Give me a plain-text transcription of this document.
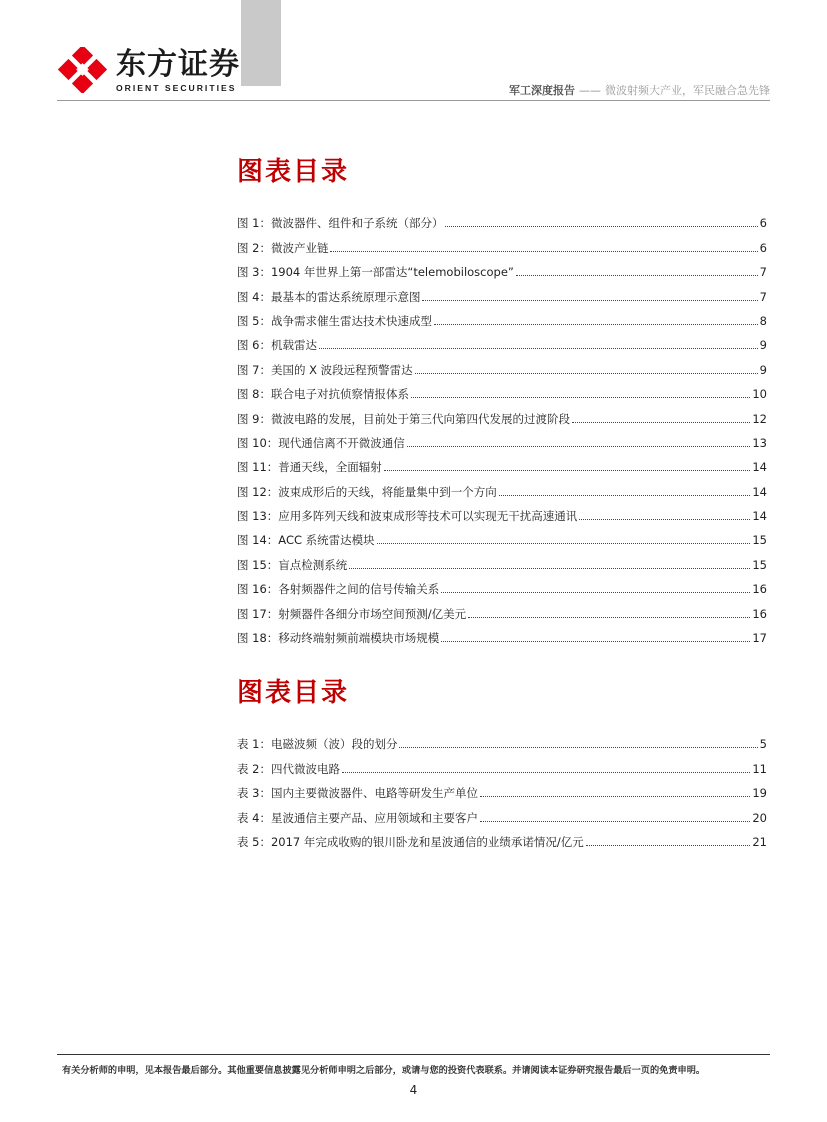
东方证券
ORIENT SECURITIES	军工深度报告 —— 微波射频大产业，军民融合急先锋
图表目录
图 1：微波器件、组件和子系统（部分）	6
图 2：微波产业链	6
图 3：1904 年世界上第一部雷达“telemobiloscope”	7
图 4：最基本的雷达系统原理示意图	7
图 5：战争需求催生雷达技术快速成型	8
图 6：机载雷达	9
图 7：美国的 X 波段远程预警雷达	9
图 8：联合电子对抗侦察情报体系	10
图 9：微波电路的发展，目前处于第三代向第四代发展的过渡阶段	12
图 10：现代通信离不开微波通信	13
图 11：普通天线，全面辐射	14
图 12：波束成形后的天线，将能量集中到一个方向	14
图 13：应用多阵列天线和波束成形等技术可以实现无干扰高速通讯	14
图 14：ACC 系统雷达模块	15
图 15：盲点检测系统	15
图 16：各射频器件之间的信号传输关系	16
图 17：射频器件各细分市场空间预测/亿美元	16
图 18：移动终端射频前端模块市场规模	17
图表目录
表 1：电磁波频（波）段的划分	5
表 2：四代微波电路	11
表 3：国内主要微波器件、电路等研发生产单位	19
表 4：星波通信主要产品、应用领域和主要客户	20
表 5：2017 年完成收购的银川卧龙和星波通信的业绩承诺情况/亿元	21
有关分析师的申明，见本报告最后部分。其他重要信息披露见分析师申明之后部分，或请与您的投资代表联系。并请阅读本证券研究报告最后一页的免责申明。
4
